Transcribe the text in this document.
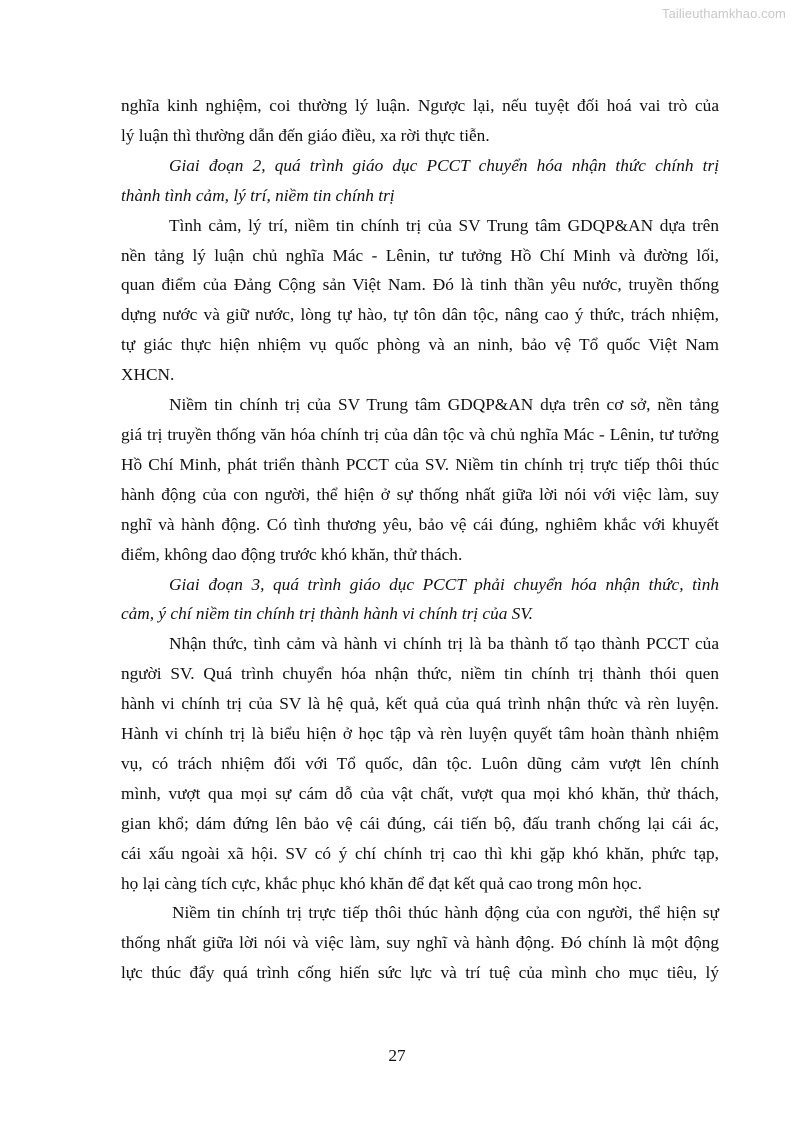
Tailieuthamkhao.com

nghĩa kinh nghiệm, coi thường lý luận. Ngược lại, nếu tuyệt đối hoá vai trò của
lý luận thì thường dẫn đến giáo điều, xa rời thực tiễn.

Giai đoạn 2, quá trình giáo dục PCCT chuyển hóa nhận thức chính trị
thành tình cảm, lý trí, niềm tin chính trị

Tình cảm, lý trí, niềm tin chính trị của SV Trung tâm GDQP&AN dựa trên
nền tảng lý luận chủ nghĩa Mác - Lênin, tư tưởng Hồ Chí Minh và đường lối,
quan điểm của Đảng Cộng sản Việt Nam. Đó là tinh thần yêu nước, truyền thống
dựng nước và giữ nước, lòng tự hào, tự tôn dân tộc, nâng cao ý thức, trách nhiệm,
tự giác thực hiện nhiệm vụ quốc phòng và an ninh, bảo vệ Tổ quốc Việt Nam
XHCN.

Niềm tin chính trị của SV Trung tâm GDQP&AN dựa trên cơ sở, nền tảng
giá trị truyền thống văn hóa chính trị của dân tộc và chủ nghĩa Mác - Lênin, tư tưởng
Hồ Chí Minh, phát triển thành PCCT của SV. Niềm tin chính trị trực tiếp thôi thúc
hành động của con người, thể hiện ở sự thống nhất giữa lời nói với việc làm, suy
nghĩ và hành động. Có tình thương yêu, bảo vệ cái đúng, nghiêm khắc với khuyết
điểm, không dao động trước khó khăn, thử thách.

Giai đoạn 3, quá trình giáo dục PCCT phải chuyển hóa nhận thức, tình
cảm, ý chí niềm tin chính trị thành hành vi chính trị của SV.

Nhận thức, tình cảm và hành vi chính trị là ba thành tố tạo thành PCCT của
người SV. Quá trình chuyển hóa nhận thức, niềm tin chính trị thành thói quen
hành vi chính trị của SV là hệ quả, kết quả của quá trình nhận thức và rèn luyện.
Hành vi chính trị là biểu hiện ở học tập và rèn luyện quyết tâm hoàn thành nhiệm
vụ, có trách nhiệm đối với Tổ quốc, dân tộc. Luôn dũng cảm vượt lên chính
mình, vượt qua mọi sự cám dỗ của vật chất, vượt qua mọi khó khăn, thử thách,
gian khổ; dám đứng lên bảo vệ cái đúng, cái tiến bộ, đấu tranh chống lại cái ác,
cái xấu ngoài xã hội. SV có ý chí chính trị cao thì khi gặp khó khăn, phức tạp,
họ lại càng tích cực, khắc phục khó khăn để đạt kết quả cao trong môn học.

Niềm tin chính trị trực tiếp thôi thúc hành động của con người, thể hiện sự
thống nhất giữa lời nói và việc làm, suy nghĩ và hành động. Đó chính là một động
lực thúc đẩy quá trình cống hiến sức lực và trí tuệ của mình cho mục tiêu, lý

27
